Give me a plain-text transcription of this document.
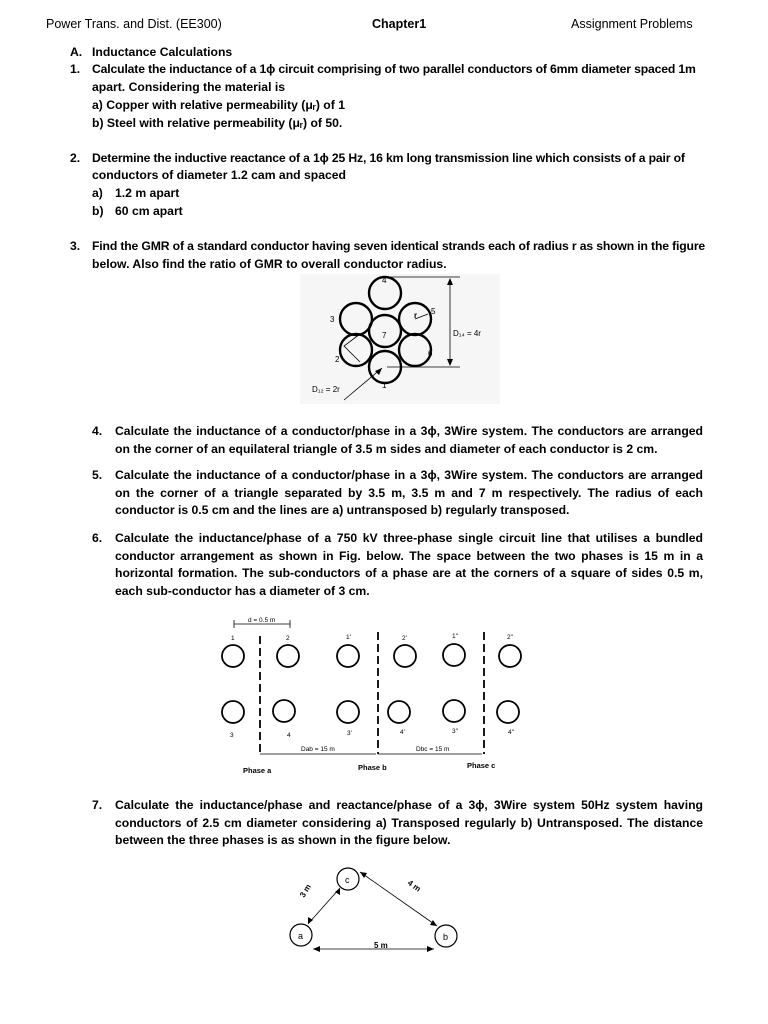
Power Trans. and Dist. (EE300)	Chapter1	Assignment Problems
A. Inductance Calculations
1. Calculate the inductance of a 1ϕ circuit comprising of two parallel conductors of 6mm diameter spaced 1m
apart. Considering the material is
a) Copper with relative permeability (μᵣ) of 1
b) Steel with relative permeability (μᵣ) of 50.
2. Determine the inductive reactance of a 1ϕ 25 Hz, 16 km long transmission line which consists of a pair of
conductors of diameter 1.2 cam and spaced
a) 1.2 m apart
b) 60 cm apart
3. Find the GMR of a standard conductor having seven identical strands each of radius r as shown in the figure
below. Also find the ratio of GMR to overall conductor radius.
4
3
7
5
6
2
1
r
D₁₄ = 4r
D₁₂ = 2r
4. Calculate the inductance of a conductor/phase in a 3ϕ, 3Wire system. The conductors are arranged on the corner of an equilateral triangle of 3.5 m sides and diameter of each conductor is 2 cm.
5. Calculate the inductance of a conductor/phase in a 3ϕ, 3Wire system. The conductors are arranged on the corner of a triangle separated by 3.5 m, 3.5 m and 7 m respectively. The radius of each conductor is 0.5 cm and the lines are a) untransposed b) regularly transposed.
6. Calculate the inductance/phase of a 750 kV three-phase single circuit line that utilises a bundled conductor arrangement as shown in Fig. below. The space between the two phases is 15 m in a horizontal formation. The sub-conductors of a phase are at the corners of a square of sides 0.5 m, each sub-conductor has a diameter of 3 cm.
d = 0.5 m
1	2	1'	2'	1''	2''
3	4	3'	4'	3''	4''
Dab = 15 m	Dbc = 15 m
Phase a	Phase b	Phase c
7. Calculate the inductance/phase and reactance/phase of a 3ϕ, 3Wire system 50Hz system having conductors of 2.5 cm diameter considering a) Transposed regularly b) Untransposed. The distance between the three phases is as shown in the figure below.
c
a	b
3 m	4 m
5 m
